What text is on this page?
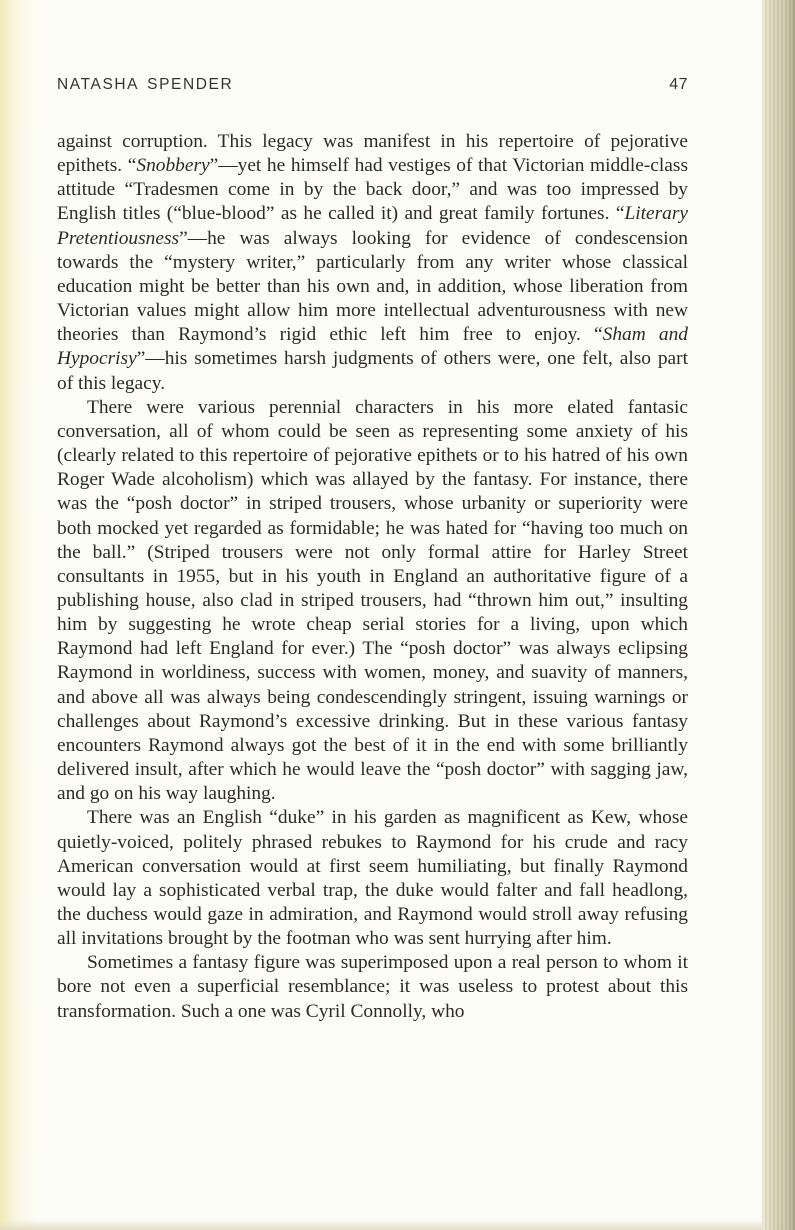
NATASHA SPENDER	47

against corruption. This legacy was manifest in his repertoire of pejorative epithets. “Snobbery”—yet he himself had vestiges of that Victorian middle-class attitude “Tradesmen come in by the back door,” and was too impressed by English titles (“blue-blood” as he called it) and great family fortunes. “Literary Pretentiousness”—he was always looking for evidence of condescension towards the “mystery writer,” particularly from any writer whose classical education might be better than his own and, in addition, whose liberation from Victorian values might allow him more intellectual adventurousness with new theories than Raymond’s rigid ethic left him free to enjoy. “Sham and Hypocrisy”—his sometimes harsh judgments of others were, one felt, also part of this legacy.

There were various perennial characters in his more elated fantasic conversation, all of whom could be seen as representing some anxiety of his (clearly related to this repertoire of pejorative epithets or to his hatred of his own Roger Wade alcoholism) which was allayed by the fantasy. For instance, there was the “posh doctor” in striped trousers, whose urbanity or superiority were both mocked yet regarded as formidable; he was hated for “having too much on the ball.” (Striped trousers were not only formal attire for Harley Street consultants in 1955, but in his youth in England an authoritative figure of a publishing house, also clad in striped trousers, had “thrown him out,” insulting him by suggesting he wrote cheap serial stories for a living, upon which Raymond had left England for ever.) The “posh doctor” was always eclipsing Raymond in worldiness, success with women, money, and suavity of manners, and above all was always being condescendingly stringent, issuing warnings or challenges about Raymond’s excessive drinking. But in these various fantasy encounters Raymond always got the best of it in the end with some brilliantly delivered insult, after which he would leave the “posh doctor” with sagging jaw, and go on his way laughing.

There was an English “duke” in his garden as magnificent as Kew, whose quietly-voiced, politely phrased rebukes to Raymond for his crude and racy American conversation would at first seem humiliating, but finally Raymond would lay a sophisticated verbal trap, the duke would falter and fall headlong, the duchess would gaze in admiration, and Raymond would stroll away refusing all invitations brought by the footman who was sent hurrying after him.

Sometimes a fantasy figure was superimposed upon a real person to whom it bore not even a superficial resemblance; it was useless to protest about this transformation. Such a one was Cyril Connolly, who
